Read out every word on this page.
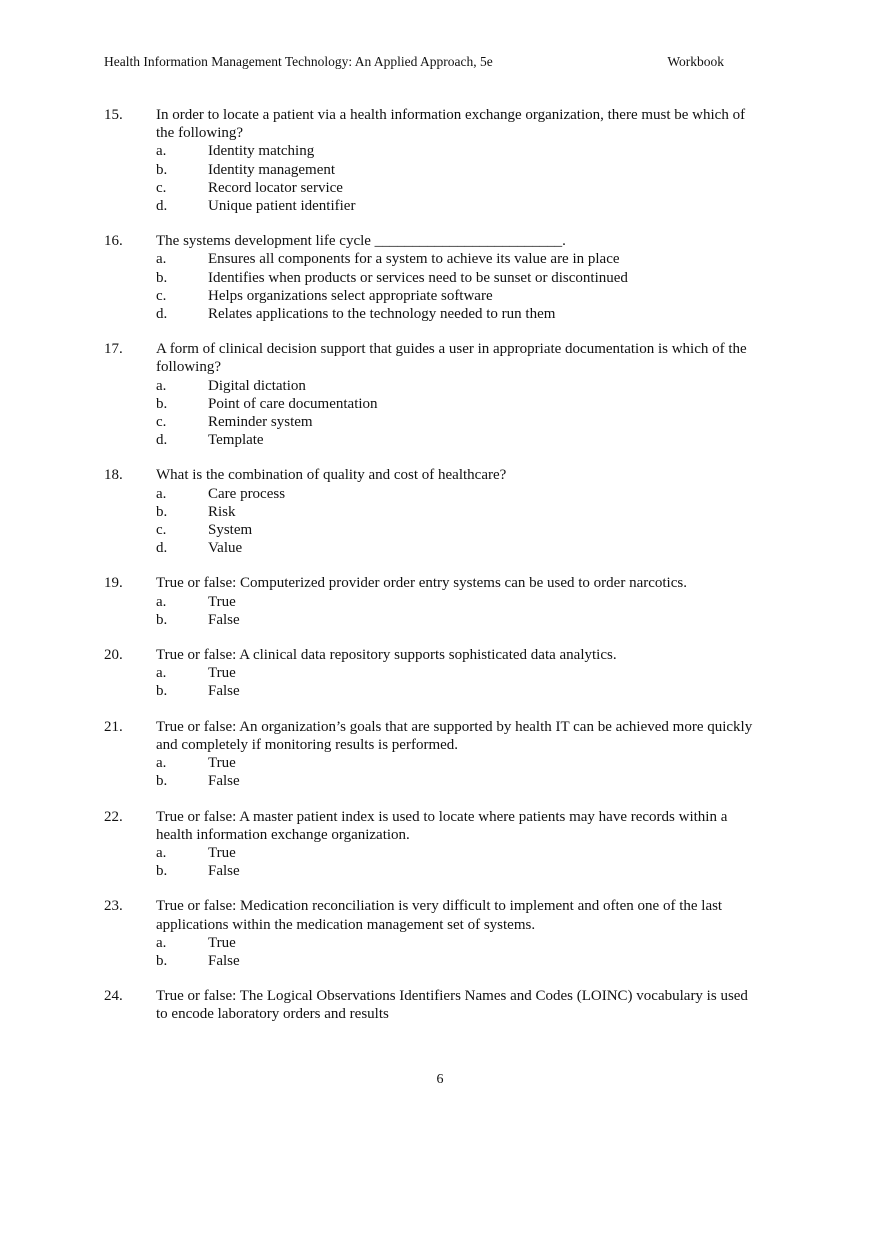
Health Information Management Technology: An Applied Approach, 5e	Workbook
15. In order to locate a patient via a health information exchange organization, there must be which of the following?
a.	Identity matching
b.	Identity management
c.	Record locator service
d.	Unique patient identifier
16. The systems development life cycle _________________________.
a.	Ensures all components for a system to achieve its value are in place
b.	Identifies when products or services need to be sunset or discontinued
c.	Helps organizations select appropriate software
d.	Relates applications to the technology needed to run them
17. A form of clinical decision support that guides a user in appropriate documentation is which of the following?
a.	Digital dictation
b.	Point of care documentation
c.	Reminder system
d.	Template
18. What is the combination of quality and cost of healthcare?
a.	Care process
b.	Risk
c.	System
d.	Value
19. True or false: Computerized provider order entry systems can be used to order narcotics.
a.	True
b.	False
20. True or false: A clinical data repository supports sophisticated data analytics.
a.	True
b.	False
21. True or false: An organization’s goals that are supported by health IT can be achieved more quickly and completely if monitoring results is performed.
a.	True
b.	False
22. True or false: A master patient index is used to locate where patients may have records within a health information exchange organization.
a.	True
b.	False
23. True or false: Medication reconciliation is very difficult to implement and often one of the last applications within the medication management set of systems.
a.	True
b.	False
24. True or false: The Logical Observations Identifiers Names and Codes (LOINC) vocabulary is used to encode laboratory orders and results
6
